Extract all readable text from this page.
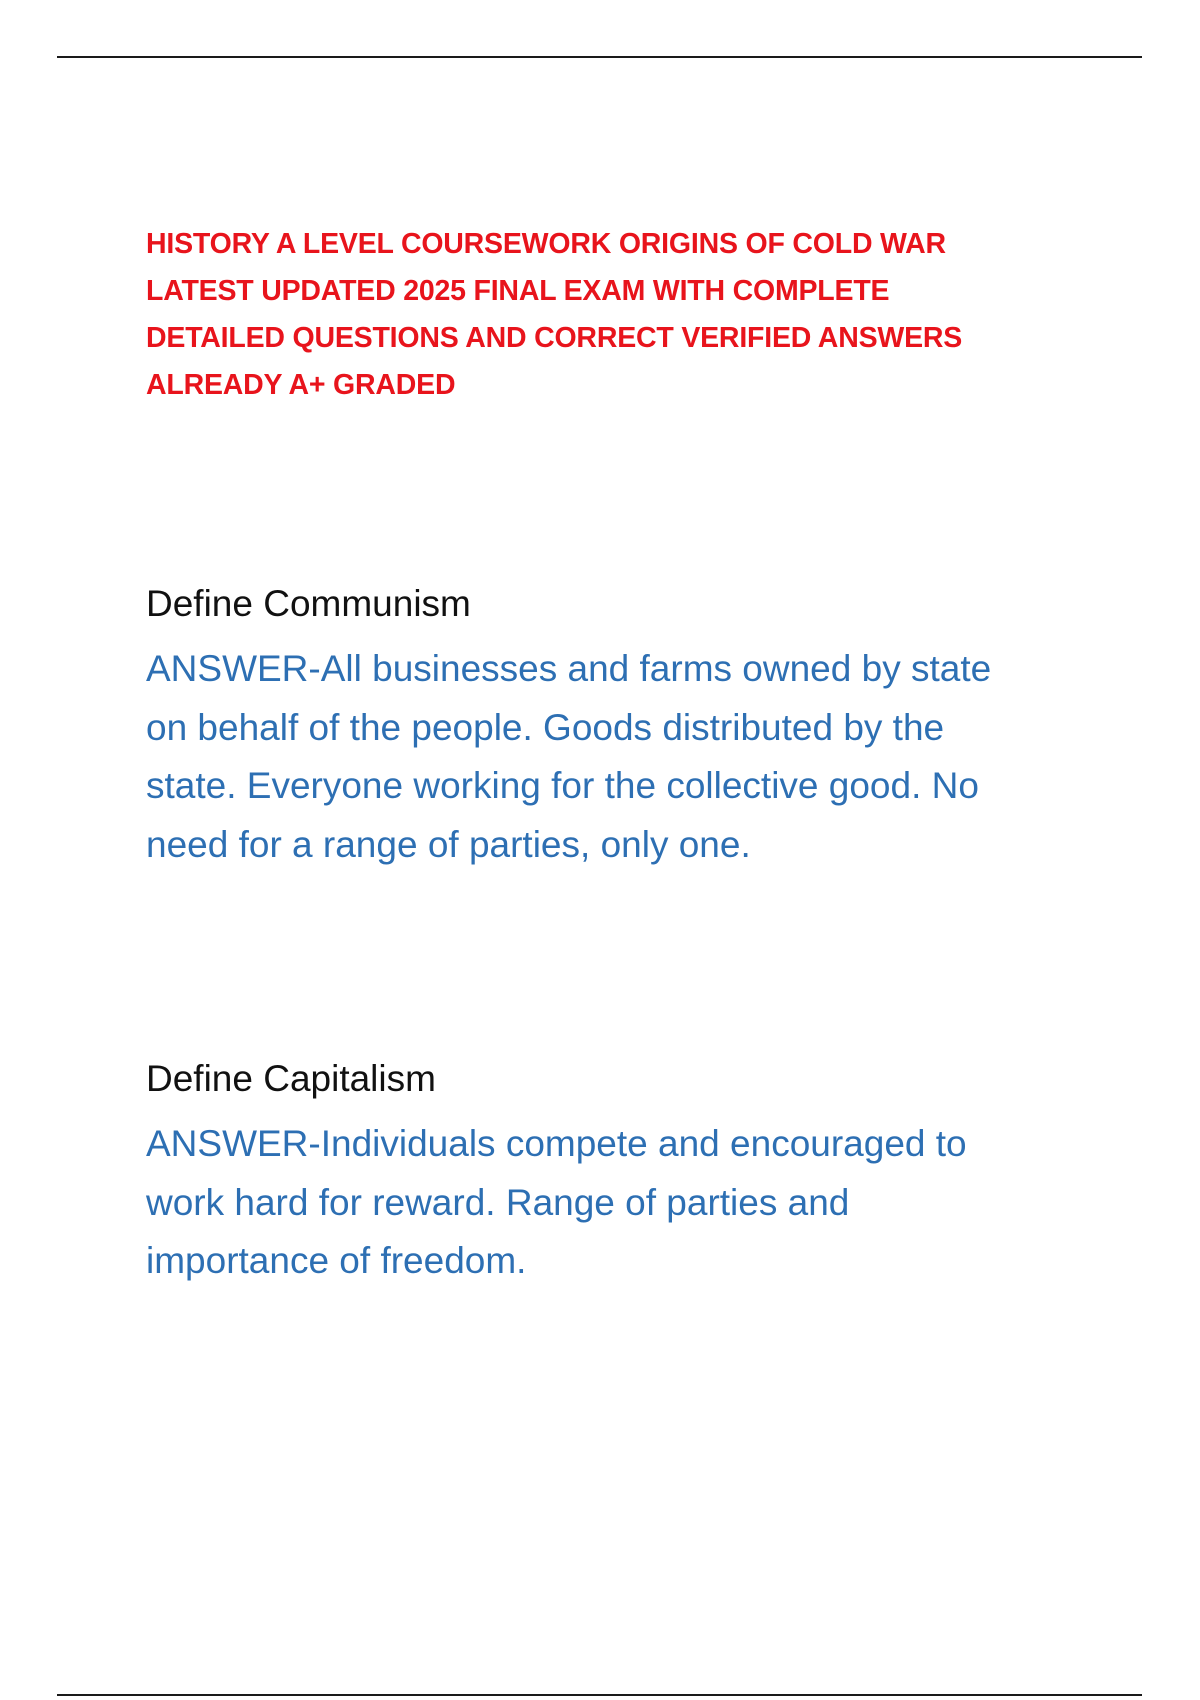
HISTORY A LEVEL COURSEWORK ORIGINS OF COLD WAR
LATEST UPDATED 2025 FINAL EXAM WITH COMPLETE
DETAILED QUESTIONS AND CORRECT VERIFIED ANSWERS
ALREADY A+ GRADED
Define Communism
ANSWER-All businesses and farms owned by state
on behalf of the people. Goods distributed by the
state. Everyone working for the collective good. No
need for a range of parties, only one.
Define Capitalism
ANSWER-Individuals compete and encouraged to
work hard for reward. Range of parties and
importance of freedom.
